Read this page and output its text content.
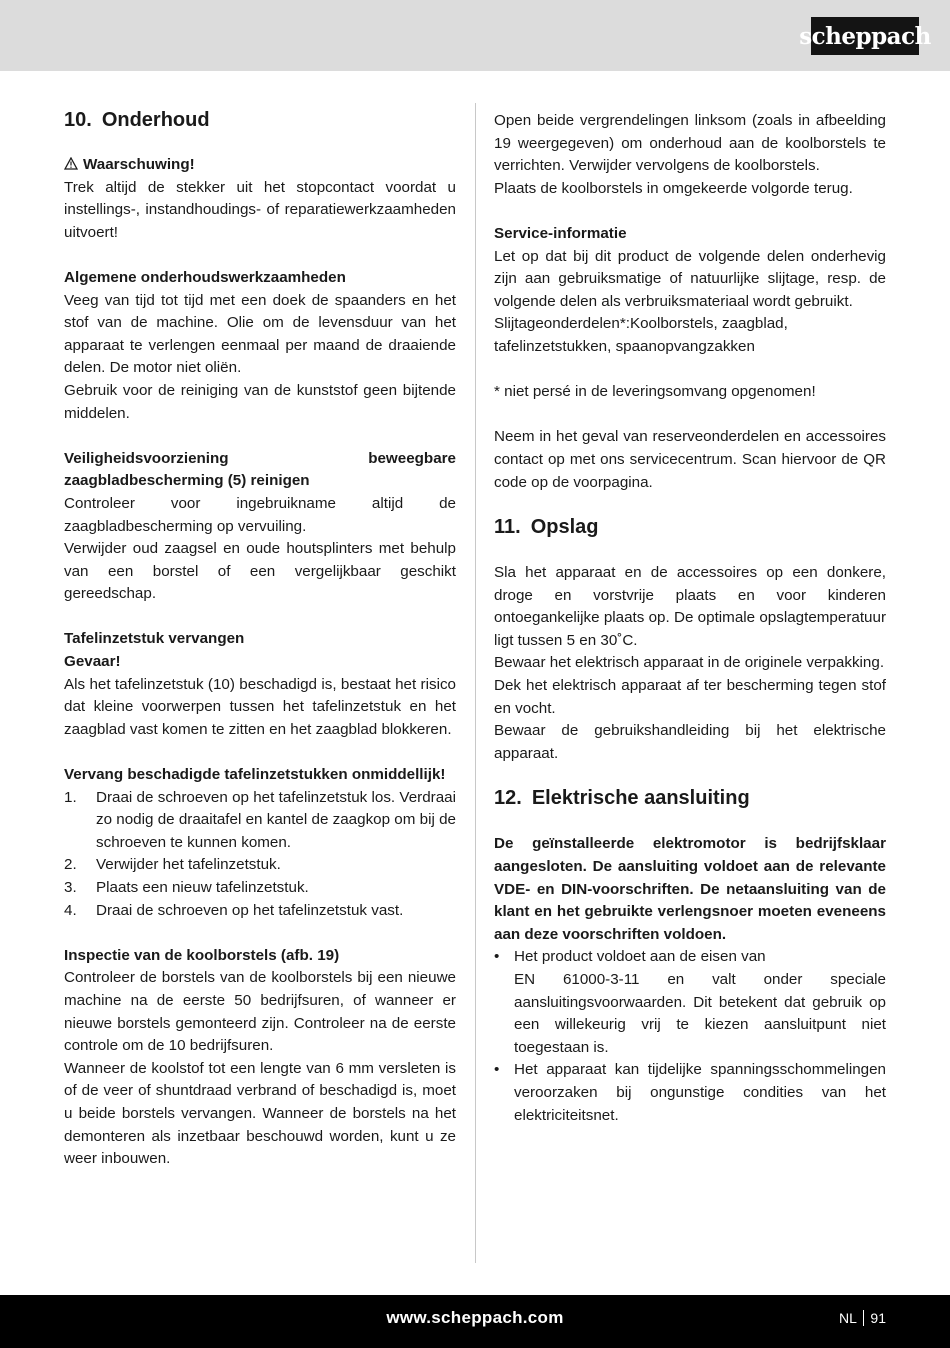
scheppach
10. Onderhoud

Waarschuwing!

Trek altijd de stekker uit het stopcontact voordat u instellings-, instandhoudings- of reparatiewerkzaamheden uitvoert!

Algemene onderhoudswerkzaamheden

Veeg van tijd tot tijd met een doek de spaanders en het stof van de machine. Olie om de levensduur van het apparaat te verlengen eenmaal per maand de draaiende delen. De motor niet oliën.

Gebruik voor de reiniging van de kunststof geen bijtende middelen.

Veiligheidsvoorziening beweegbare zaagbladbescherming (5) reinigen

Controleer voor ingebruikname altijd de zaagbladbescherming op vervuiling.

Verwijder oud zaagsel en oude houtsplinters met behulp van een borstel of een vergelijkbaar geschikt gereedschap.

Tafelinzetstuk vervangen

Gevaar!

Als het tafelinzetstuk (10) beschadigd is, bestaat het risico dat kleine voorwerpen tussen het tafelinzetstuk en het zaagblad vast komen te zitten en het zaagblad blokkeren.

Vervang beschadigde tafelinzetstukken onmiddellijk!

1.	Draai de schroeven op het tafelinzetstuk los. Verdraai zo nodig de draaitafel en kantel de zaagkop om bij de schroeven te kunnen komen.
2.	Verwijder het tafelinzetstuk.
3.	Plaats een nieuw tafelinzetstuk.
4.	Draai de schroeven op het tafelinzetstuk vast.

Inspectie van de koolborstels (afb. 19)

Controleer de borstels van de koolborstels bij een nieuwe machine na de eerste 50 bedrijfsuren, of wanneer er nieuwe borstels gemonteerd zijn. Controleer na de eerste controle om de 10 bedrijfsuren.

Wanneer de koolstof tot een lengte van 6 mm versleten is of de veer of shuntdraad verbrand of beschadigd is, moet u beide borstels vervangen. Wanneer de borstels na het demonteren als inzetbaar beschouwd worden, kunt u ze weer inbouwen.

Open beide vergrendelingen linksom (zoals in afbeelding 19 weergegeven) om onderhoud aan de koolborstels te verrichten. Verwijder vervolgens de koolborstels.

Plaats de koolborstels in omgekeerde volgorde terug.

Service-informatie

Let op dat bij dit product de volgende delen onderhevig zijn aan gebruiksmatige of natuurlijke slijtage, resp. de volgende delen als verbruiksmateriaal wordt gebruikt.

Slijtageonderdelen*:Koolborstels, zaagblad, tafelinzetstukken, spaanopvangzakken

* niet persé in de leveringsomvang opgenomen!

Neem in het geval van reserveonderdelen en accessoires contact op met ons servicecentrum. Scan hiervoor de QR code op de voorpagina.

11. Opslag

Sla het apparaat en de accessoires op een donkere, droge en vorstvrije plaats en voor kinderen ontoegankelijke plaats op. De optimale opslagtemperatuur ligt tussen 5 en 30˚C.

Bewaar het elektrisch apparaat in de originele verpakking.

Dek het elektrisch apparaat af ter bescherming tegen stof en vocht.

Bewaar de gebruikshandleiding bij het elektrische apparaat.

12. Elektrische aansluiting

De geïnstalleerde elektromotor is bedrijfsklaar aangesloten. De aansluiting voldoet aan de relevante VDE- en DIN-voorschriften. De netaansluiting van de klant en het gebruikte verlengsnoer moeten eveneens aan deze voorschriften voldoen.

• Het product voldoet aan de eisen van
EN 61000-3-11 en valt onder speciale aansluitingsvoorwaarden. Dit betekent dat gebruik op een willekeurig vrij te kiezen aansluitpunt niet toegestaan is.
• Het apparaat kan tijdelijke spanningsschommelingen veroorzaken bij ongunstige condities van het elektriciteitsnet.
www.scheppach.com	NL 91
